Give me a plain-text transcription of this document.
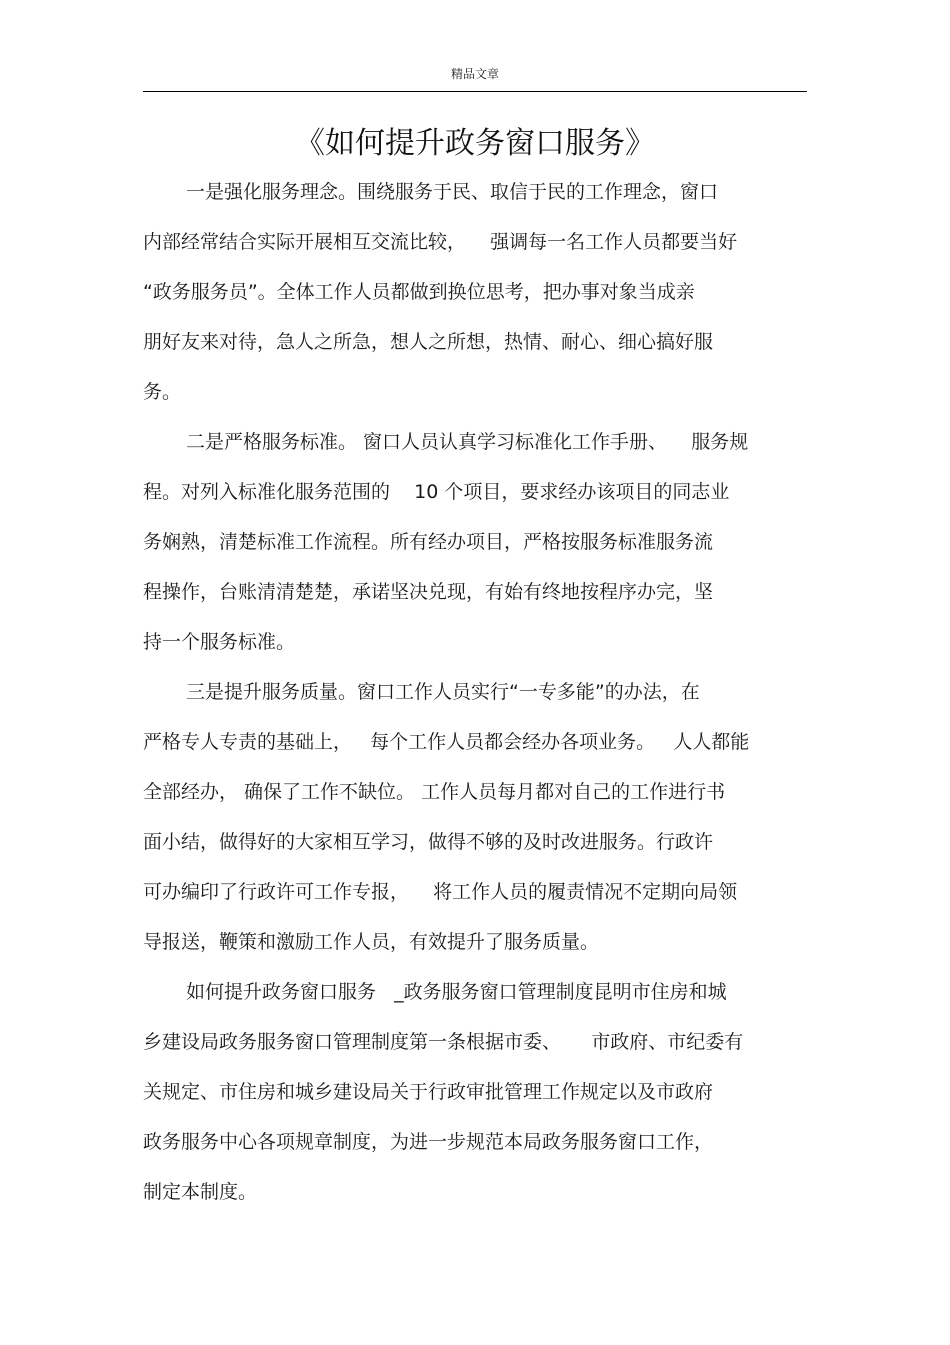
精品文章
《如何提升政务窗口服务》
一是强化服务理念。围绕服务于民、取信于民的工作理念，窗口
内部经常结合实际开展相互交流比较，    强调每一名工作人员都要当好
“政务服务员”。全体工作人员都做到换位思考，把办事对象当成亲
朋好友来对待，急人之所急，想人之所想，热情、耐心、细心搞好服
务。
二是严格服务标准。 窗口人员认真学习标准化工作手册、    服务规
程。对列入标准化服务范围的    10 个项目，要求经办该项目的同志业
务娴熟，清楚标准工作流程。所有经办项目，严格按服务标准服务流
程操作，台账清清楚楚，承诺坚决兑现，有始有终地按程序办完，坚
持一个服务标准。
三是提升服务质量。窗口工作人员实行“一专多能”的办法，在
严格专人专责的基础上，   每个工作人员都会经办各项业务。   人人都能
全部经办， 确保了工作不缺位。 工作人员每月都对自己的工作进行书
面小结，做得好的大家相互学习，做得不够的及时改进服务。行政许
可办编印了行政许可工作专报，    将工作人员的履责情况不定期向局领
导报送，鞭策和激励工作人员，有效提升了服务质量。
如何提升政务窗口服务   _政务服务窗口管理制度昆明市住房和城
乡建设局政务服务窗口管理制度第一条根据市委、     市政府、市纪委有
关规定、市住房和城乡建设局关于行政审批管理工作规定以及市政府
政务服务中心各项规章制度，为进一步规范本局政务服务窗口工作，
制定本制度。
